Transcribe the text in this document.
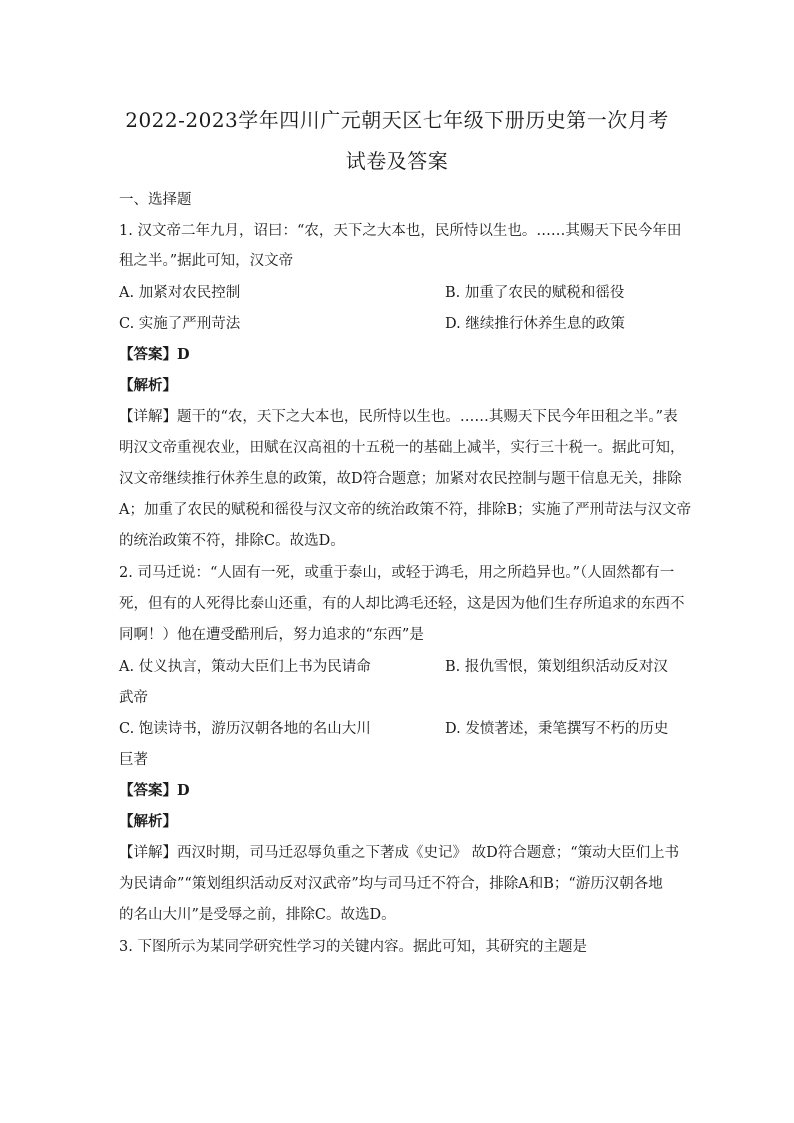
2022-2023学年四川广元朝天区七年级下册历史第一次月考
试卷及答案
一、选择题
1. 汉文帝二年九月，诏曰：“农，天下之大本也，民所恃以生也。……其赐天下民今年田
租之半。”据此可知，汉文帝
A. 加紧对农民控制	B. 加重了农民的赋税和徭役
C. 实施了严刑苛法	D. 继续推行休养生息的政策
【答案】D
【解析】
【详解】题干的“农，天下之大本也，民所恃以生也。……其赐天下民今年田租之半。”表
明汉文帝重视农业，田赋在汉高祖的十五税一的基础上减半，实行三十税一。据此可知，
汉文帝继续推行休养生息的政策，故D符合题意；加紧对农民控制与题干信息无关，排除
A；加重了农民的赋税和徭役与汉文帝的统治政策不符，排除B；实施了严刑苛法与汉文帝
的统治政策不符，排除C。故选D。
2. 司马迁说：“人固有一死，或重于泰山，或轻于鸿毛，用之所趋异也。”（人固然都有一
死，但有的人死得比泰山还重，有的人却比鸿毛还轻，这是因为他们生存所追求的东西不
同啊！）他在遭受酷刑后，努力追求的“东西”是
A. 仗义执言，策动大臣们上书为民请命	B. 报仇雪恨，策划组织活动反对汉
武帝
C. 饱读诗书，游历汉朝各地的名山大川	D. 发愤著述，秉笔撰写不朽的历史
巨著
【答案】D
【解析】
【详解】西汉时期，司马迁忍辱负重之下著成《史记》 故D符合题意；“策动大臣们上书
为民请命”“策划组织活动反对汉武帝”均与司马迁不符合，排除A和B；“游历汉朝各地
的名山大川”是受辱之前，排除C。故选D。
3. 下图所示为某同学研究性学习的关键内容。据此可知，其研究的主题是
